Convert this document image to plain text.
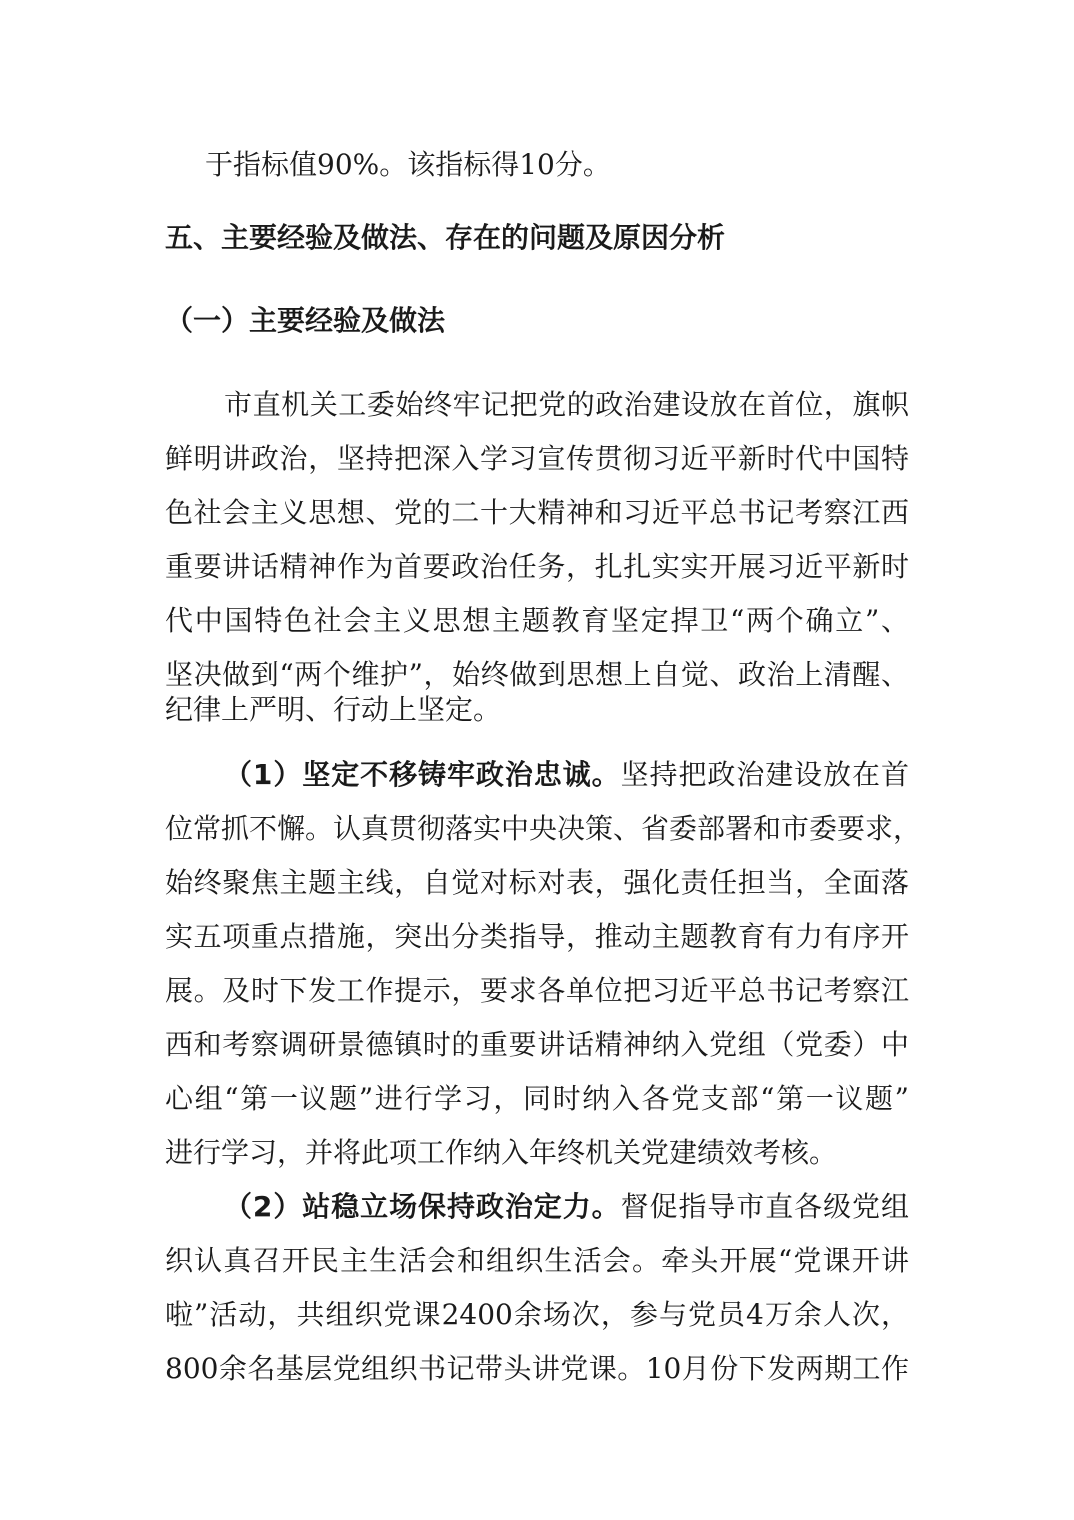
于指标值90%。该指标得10分。
五、主要经验及做法、存在的问题及原因分析
（一）主要经验及做法
市直机关工委始终牢记把党的政治建设放在首位，旗帜
鲜明讲政治，坚持把深入学习宣传贯彻习近平新时代中国特
色社会主义思想、党的二十大精神和习近平总书记考察江西
重要讲话精神作为首要政治任务，扎扎实实开展习近平新时
代中国特色社会主义思想主题教育坚定捍卫“两个确立”、
坚决做到“两个维护”，始终做到思想上自觉、政治上清醒、
纪律上严明、行动上坚定。
（1）坚定不移铸牢政治忠诚。坚持把政治建设放在首
位常抓不懈。认真贯彻落实中央决策、省委部署和市委要求，
始终聚焦主题主线，自觉对标对表，强化责任担当，全面落
实五项重点措施，突出分类指导，推动主题教育有力有序开
展。及时下发工作提示，要求各单位把习近平总书记考察江
西和考察调研景德镇时的重要讲话精神纳入党组（党委）中
心组“第一议题”进行学习，同时纳入各党支部“第一议题”
进行学习，并将此项工作纳入年终机关党建绩效考核。
（2）站稳立场保持政治定力。督促指导市直各级党组
织认真召开民主生活会和组织生活会。牵头开展“党课开讲
啦”活动，共组织党课2400余场次，参与党员4万余人次，
800余名基层党组织书记带头讲党课。10月份下发两期工作
